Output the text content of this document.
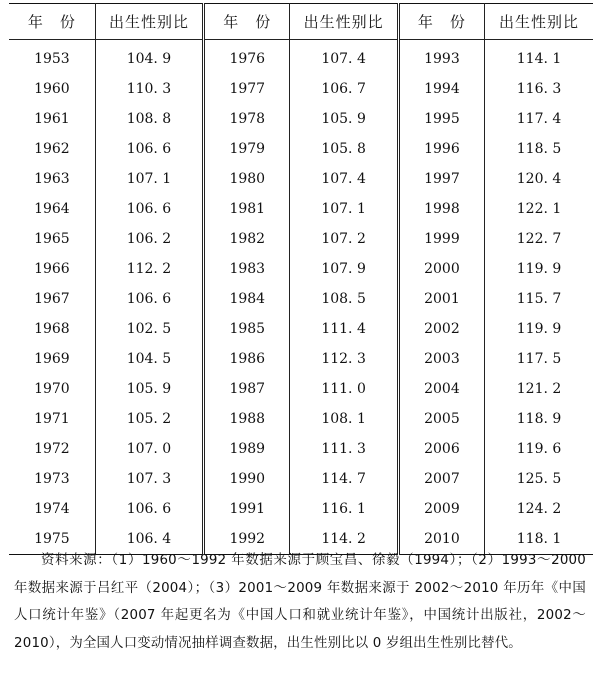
年　份	出生性别比	年　份	出生性别比	年　份	出生性别比
1953	104. 9	1976	107. 4	1993	114. 1
1960	110. 3	1977	106. 7	1994	116. 3
1961	108. 8	1978	105. 9	1995	117. 4
1962	106. 6	1979	105. 8	1996	118. 5
1963	107. 1	1980	107. 4	1997	120. 4
1964	106. 6	1981	107. 1	1998	122. 1
1965	106. 2	1982	107. 2	1999	122. 7
1966	112. 2	1983	107. 9	2000	119. 9
1967	106. 6	1984	108. 5	2001	115. 7
1968	102. 5	1985	111. 4	2002	119. 9
1969	104. 5	1986	112. 3	2003	117. 5
1970	105. 9	1987	111. 0	2004	121. 2
1971	105. 2	1988	108. 1	2005	118. 9
1972	107. 0	1989	111. 3	2006	119. 6
1973	107. 3	1990	114. 7	2007	125. 5
1974	106. 6	1991	116. 1	2009	124. 2
1975	106. 4	1992	114. 2	2010	118. 1
资料来源：（1）1960～1992 年数据来源于顾宝昌、徐毅（1994）；（2）1993～2000 年数据来源于吕红平（2004）；（3）2001～2009 年数据来源于 2002～2010 年历年《中国人口统计年鉴》（2007 年起更名为《中国人口和就业统计年鉴》，中国统计出版社，2002～2010），为全国人口变动情况抽样调查数据，出生性别比以 0 岁组出生性别比替代。
